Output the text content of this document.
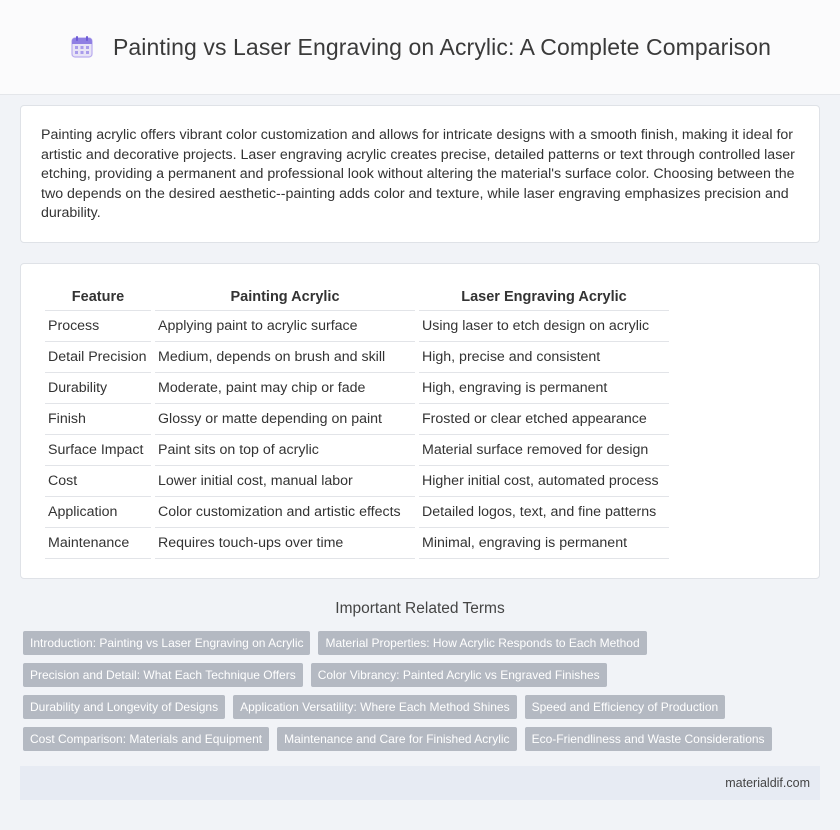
Painting vs Laser Engraving on Acrylic: A Complete Comparison

Painting acrylic offers vibrant color customization and allows for intricate designs with a smooth finish, making it ideal for artistic and decorative projects. Laser engraving acrylic creates precise, detailed patterns or text through controlled laser etching, providing a permanent and professional look without altering the material's surface color. Choosing between the two depends on the desired aesthetic--painting adds color and texture, while laser engraving emphasizes precision and durability.

Feature	Painting Acrylic	Laser Engraving Acrylic
Process	Applying paint to acrylic surface	Using laser to etch design on acrylic
Detail Precision	Medium, depends on brush and skill	High, precise and consistent
Durability	Moderate, paint may chip or fade	High, engraving is permanent
Finish	Glossy or matte depending on paint	Frosted or clear etched appearance
Surface Impact	Paint sits on top of acrylic	Material surface removed for design
Cost	Lower initial cost, manual labor	Higher initial cost, automated process
Application	Color customization and artistic effects	Detailed logos, text, and fine patterns
Maintenance	Requires touch-ups over time	Minimal, engraving is permanent
Important Related Terms
Introduction: Painting vs Laser Engraving on Acrylic	Material Properties: How Acrylic Responds to Each Method
Precision and Detail: What Each Technique Offers	Color Vibrancy: Painted Acrylic vs Engraved Finishes
Durability and Longevity of Designs	Application Versatility: Where Each Method Shines	Speed and Efficiency of Production
Cost Comparison: Materials and Equipment	Maintenance and Care for Finished Acrylic	Eco-Friendliness and Waste Considerations
materialdif.com
